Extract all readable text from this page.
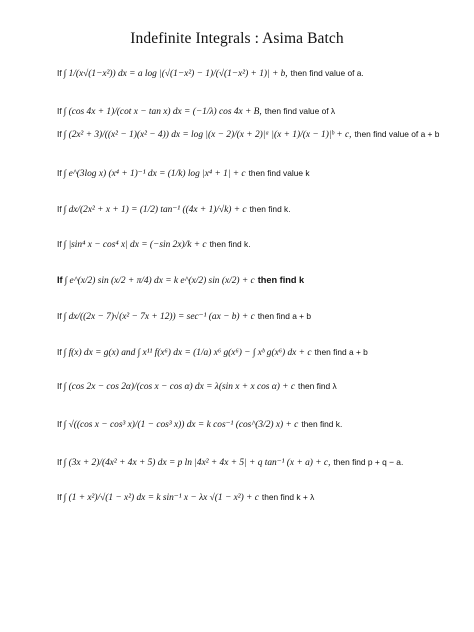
Indefinite Integrals : Asima Batch
If ∫ 1/(x√(1−x²)) dx = a log |(√(1−x²) − 1)/(√(1−x²) + 1)| + b, then find value of a.
If ∫ (cos 4x + 1)/(cot x − tan x) dx = (−1/λ) cos 4x + B, then find value of λ
If ∫ (2x² + 3)/((x² − 1)(x² − 4)) dx = log |(x − 2)/(x + 2)|ᵃ |(x + 1)/(x − 1)|ᵇ + c, then find value of a + b
If ∫ e^(3log x) (x⁴ + 1)⁻¹ dx = (1/k) log |x⁴ + 1| + c then find value k
If ∫ dx/(2x² + x + 1) = (1/2) tan⁻¹ ((4x + 1)/√k) + c then find k.
If ∫ |sin⁴ x − cos⁴ x| dx = (−sin 2x)/k + c then find k.
If ∫ e^(x/2) sin (x/2 + π/4) dx = k e^(x/2) sin (x/2) + c then find k
If ∫ dx/((2x − 7)√(x² − 7x + 12)) = sec⁻¹ (ax − b) + c then find a + b
If ∫ f(x) dx = g(x) and ∫ x¹¹ f(x⁶) dx = (1/a) x⁶ g(x⁶) − ∫ xᵇ g(x⁶) dx + c then find a + b
If ∫ (cos 2x − cos 2α)/(cos x − cos α) dx = λ(sin x + x cos α) + c then find λ
If ∫ √((cos x − cos³ x)/(1 − cos³ x)) dx = k cos⁻¹ (cos^(3/2) x) + c then find k.
If ∫ (3x + 2)/(4x² + 4x + 5) dx = p ln |4x² + 4x + 5| + q tan⁻¹ (x + a) + c, then find p + q − a.
If ∫ (1 + x²)/√(1 − x²) dx = k sin⁻¹ x − λx √(1 − x²) + c then find k + λ
